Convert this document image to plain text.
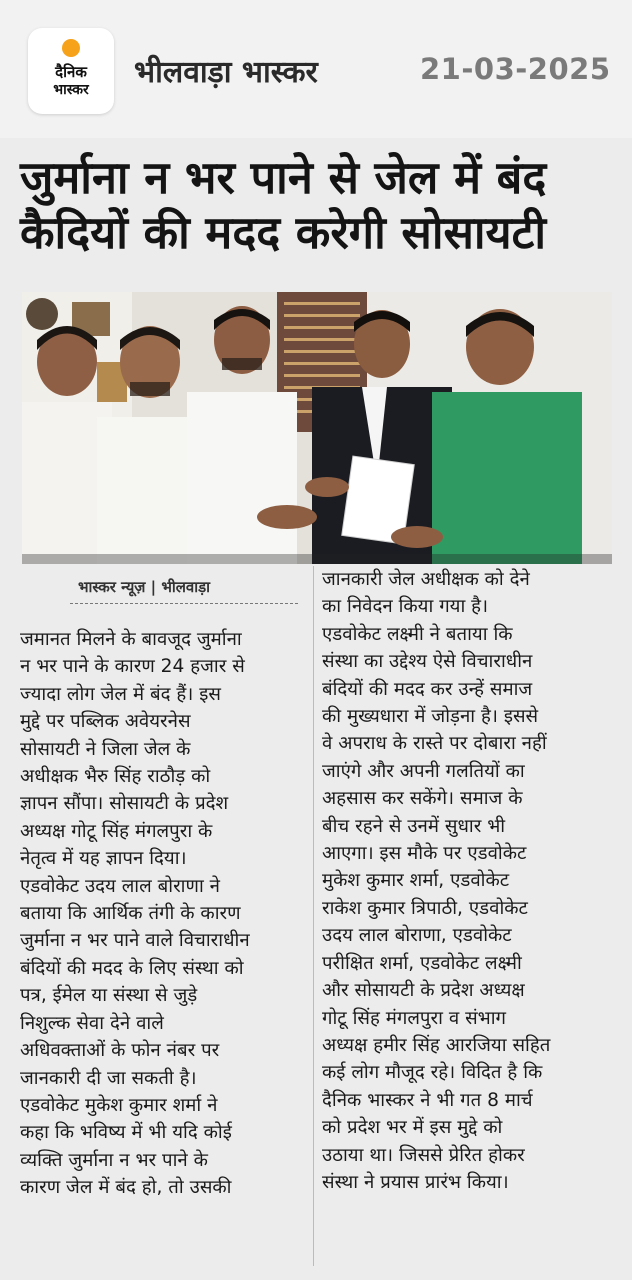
दैनिक
भास्कर	भीलवाड़ा भास्कर	21-03-2025
जुर्माना न भर पाने से जेल में बंद
कैदियों की मदद करेगी सोसायटी
भास्कर न्यूज़ | भीलवाड़ा
जमानत मिलने के बावजूद जुर्माना
न भर पाने के कारण 24 हजार से
ज्यादा लोग जेल में बंद हैं। इस
मुद्दे पर पब्लिक अवेयरनेस
सोसायटी ने जिला जेल के
अधीक्षक भैरु सिंह राठौड़ को
ज्ञापन सौंपा। सोसायटी के प्रदेश
अध्यक्ष गोटू सिंह मंगलपुरा के
नेतृत्व में यह ज्ञापन दिया।
एडवोकेट उदय लाल बोराणा ने
बताया कि आर्थिक तंगी के कारण
जुर्माना न भर पाने वाले विचाराधीन
बंदियों की मदद के लिए संस्था को
पत्र, ईमेल या संस्था से जुड़े
निशुल्क सेवा देने वाले
अधिवक्ताओं के फोन नंबर पर
जानकारी दी जा सकती है।
एडवोकेट मुकेश कुमार शर्मा ने
कहा कि भविष्य में भी यदि कोई
व्यक्ति जुर्माना न भर पाने के
कारण जेल में बंद हो, तो उसकी
जानकारी जेल अधीक्षक को देने
का निवेदन किया गया है।
एडवोकेट लक्ष्मी ने बताया कि
संस्था का उद्देश्य ऐसे विचाराधीन
बंदियों की मदद कर उन्हें समाज
की मुख्यधारा में जोड़ना है। इससे
वे अपराध के रास्ते पर दोबारा नहीं
जाएंगे और अपनी गलतियों का
अहसास कर सकेंगे। समाज के
बीच रहने से उनमें सुधार भी
आएगा। इस मौके पर एडवोकेट
मुकेश कुमार शर्मा, एडवोकेट
राकेश कुमार त्रिपाठी, एडवोकेट
उदय लाल बोराणा, एडवोकेट
परीक्षित शर्मा, एडवोकेट लक्ष्मी
और सोसायटी के प्रदेश अध्यक्ष
गोटू सिंह मंगलपुरा व संभाग
अध्यक्ष हमीर सिंह आरजिया सहित
कई लोग मौजूद रहे। विदित है कि
दैनिक भास्कर ने भी गत 8 मार्च
को प्रदेश भर में इस मुद्दे को
उठाया था। जिससे प्रेरित होकर
संस्था ने प्रयास प्रारंभ किया।
